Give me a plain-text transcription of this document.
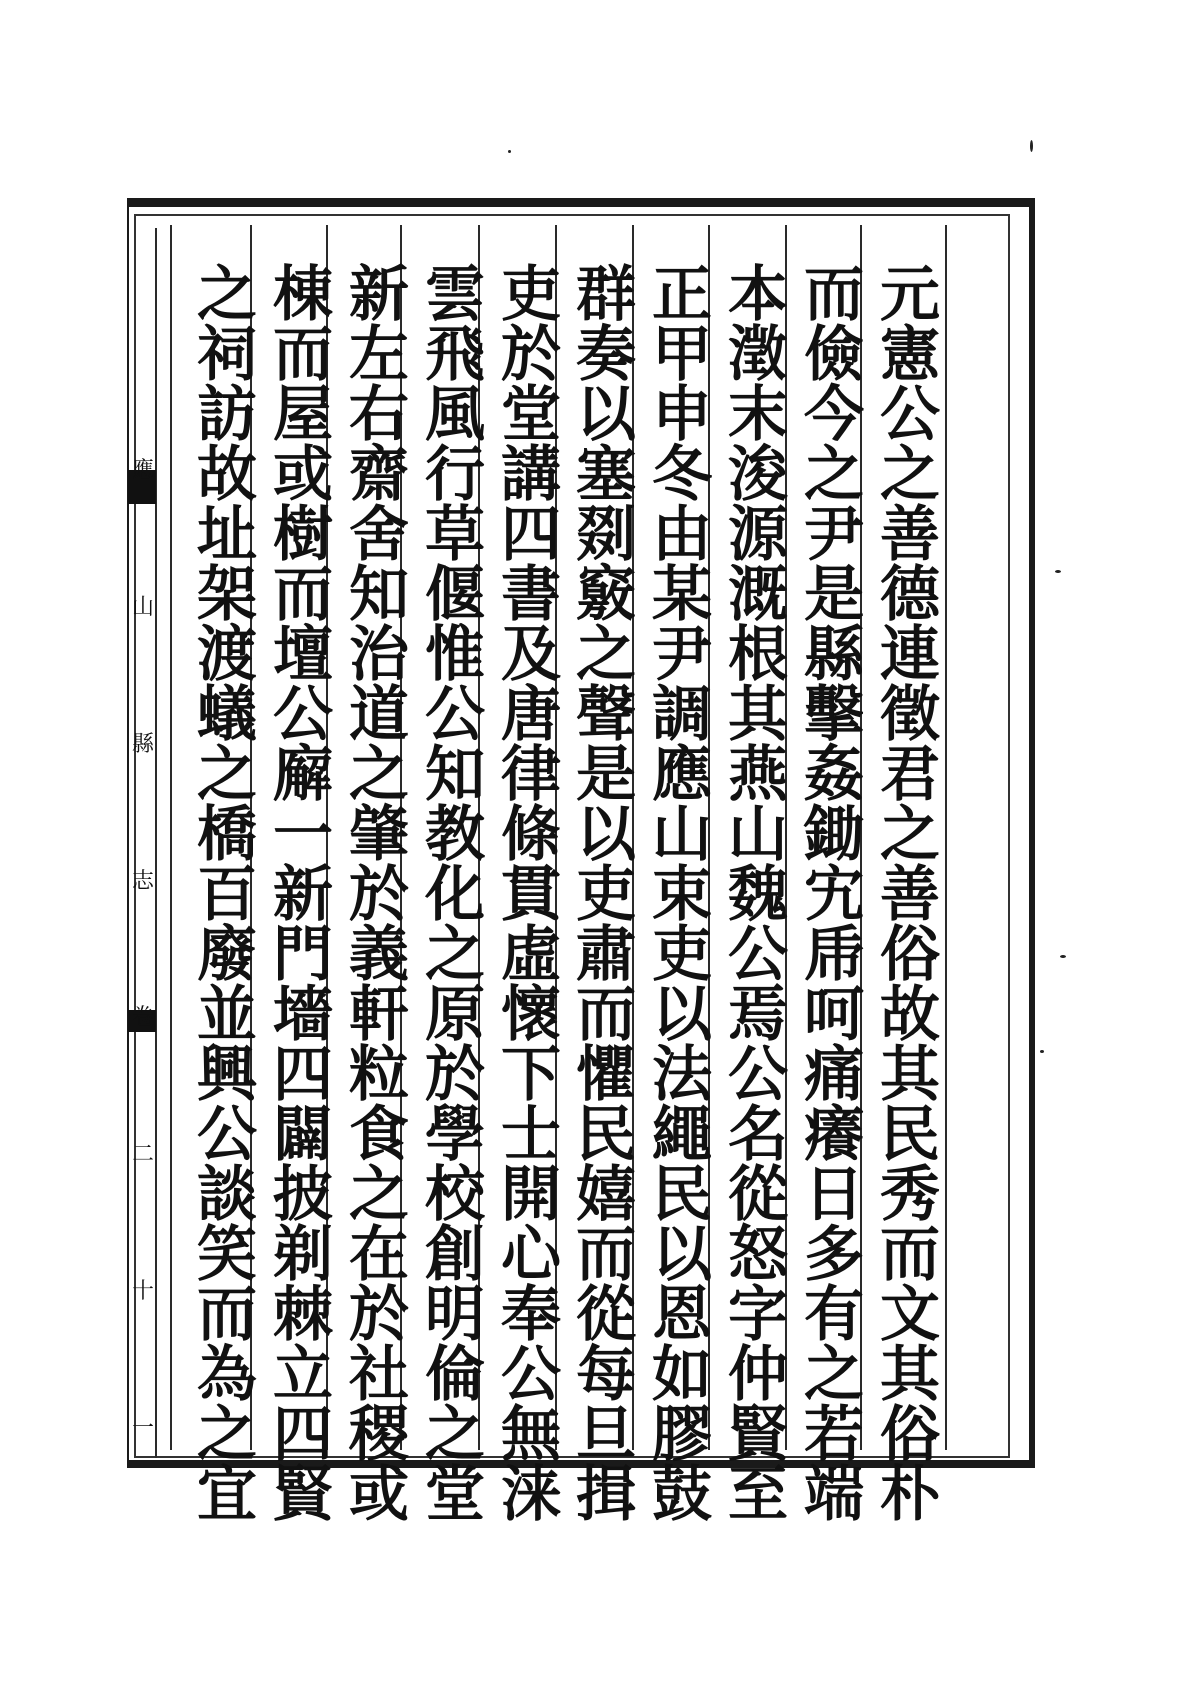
應
山
縣
志
卷
二
十
一
元
憲
公
之
善
德
連
徵
君
之
善
俗
故
其
民
秀
而
文
其
俗
朴
而
儉
今
之
尹
是
縣
擊
姦
鋤
宄
𠂰
呵
痛
癢
日
多
有
之
若
端
本
澂
末
浚
源
溉
根
其
燕
山
魏
公
焉
公
名
從
怒
字
仲
賢
至
正
甲
申
冬
由
某
尹
調
應
山
束
吏
以
法
繩
民
以
恩
如
膠
鼓
群
奏
以
塞
剟
竅
之
聲
是
以
吏
肅
而
懼
民
嬉
而
從
每
旦
揖
吏
於
堂
講
四
書
及
唐
律
條
貫
虛
懷
下
士
開
心
奉
公
無
涞
雲
飛
風
行
草
偃
惟
公
知
教
化
之
原
於
學
校
創
明
倫
之
堂
新
左
右
齋
舍
知
治
道
之
肇
於
義
軒
粒
食
之
在
於
社
稷
或
棟
而
屋
或
樹
而
壇
公
廨
一
新
門
墻
四
闢
披
剃
棘
立
四
賢
之
祠
訪
故
址
架
渡
蟻
之
橋
百
廢
並
興
公
談
笑
而
為
之
宜
